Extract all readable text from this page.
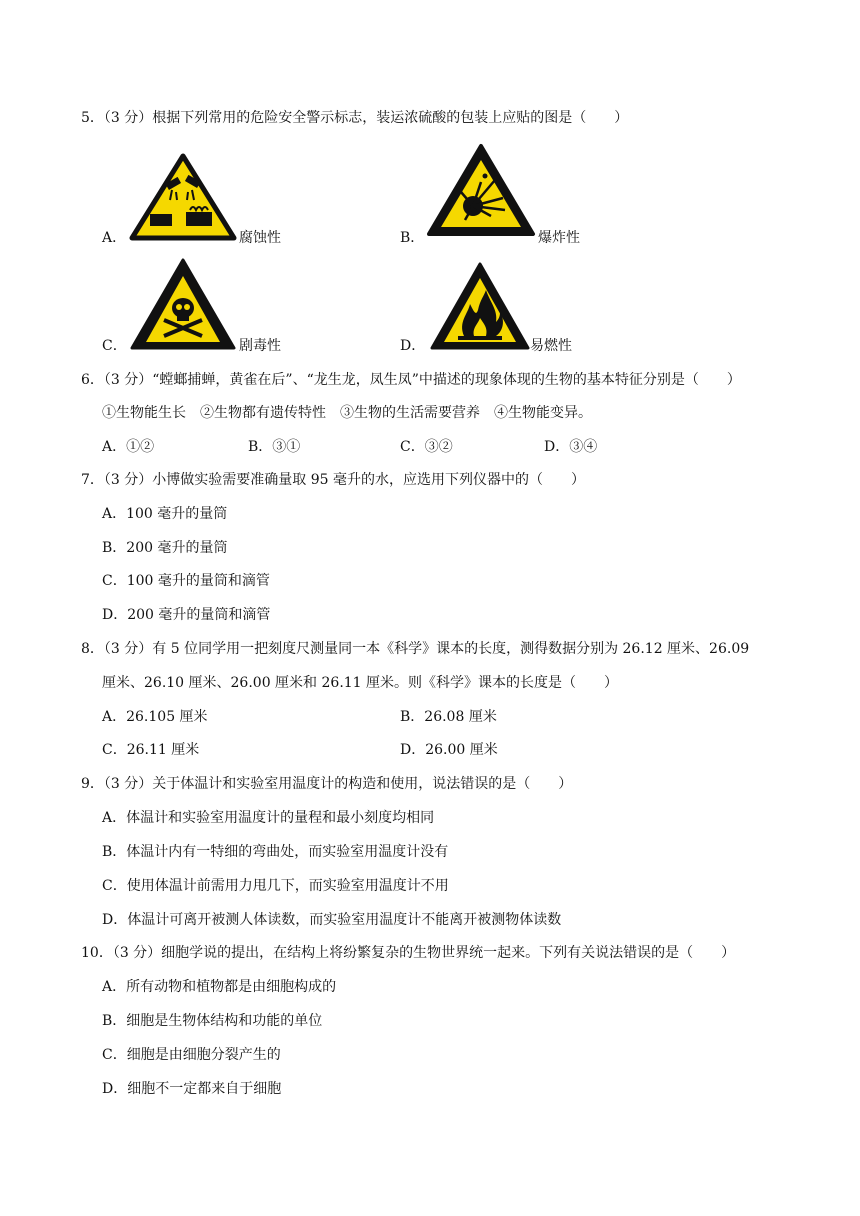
5．（3 分）根据下列常用的危险安全警示标志，装运浓硫酸的包装上应贴的图是（　　）
A．	腐蚀性	B．	爆炸性
C．	剧毒性	D．	易燃性
6．（3 分）“螳螂捕蝉，黄雀在后”、“龙生龙，凤生凤”中描述的现象体现的生物的基本特征分别是（　　）
①生物能生长　②生物都有遗传特性　③生物的生活需要营养　④生物能变异。
A．①②	B．③①	C．③②	D．③④
7．（3 分）小博做实验需要准确量取 95 毫升的水，应选用下列仪器中的（　　）
A．100 毫升的量筒
B．200 毫升的量筒
C．100 毫升的量筒和滴管
D．200 毫升的量筒和滴管
8．（3 分）有 5 位同学用一把刻度尺测量同一本《科学》课本的长度，测得数据分别为 26.12 厘米、26.09
厘米、26.10 厘米、26.00 厘米和 26.11 厘米。则《科学》课本的长度是（　　）
A．26.105 厘米	B．26.08 厘米
C．26.11 厘米	D．26.00 厘米
9．（3 分）关于体温计和实验室用温度计的构造和使用，说法错误的是（　　）
A．体温计和实验室用温度计的量程和最小刻度均相同
B．体温计内有一特细的弯曲处，而实验室用温度计没有
C．使用体温计前需用力甩几下，而实验室用温度计不用
D．体温计可离开被测人体读数，而实验室用温度计不能离开被测物体读数
10．（3 分）细胞学说的提出，在结构上将纷繁复杂的生物世界统一起来。下列有关说法错误的是（　　）
A．所有动物和植物都是由细胞构成的
B．细胞是生物体结构和功能的单位
C．细胞是由细胞分裂产生的
D．细胞不一定都来自于细胞
